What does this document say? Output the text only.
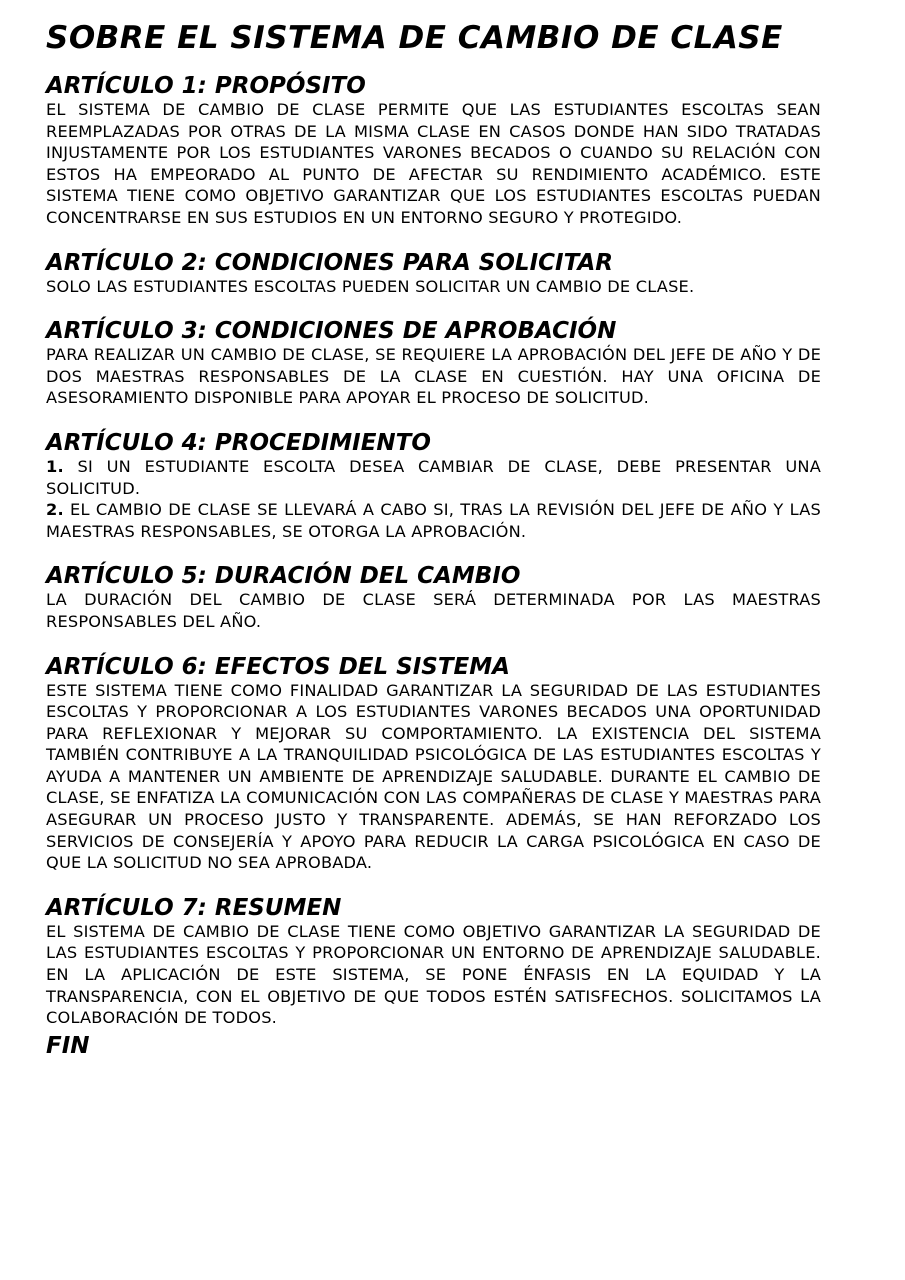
SOBRE EL SISTEMA DE CAMBIO DE CLASE
ARTÍCULO 1: PROPÓSITO
EL SISTEMA DE CAMBIO DE CLASE PERMITE QUE LAS ESTUDIANTES ESCOLTAS SEAN REEMPLAZADAS POR OTRAS DE LA MISMA CLASE EN CASOS DONDE HAN SIDO TRATADAS INJUSTAMENTE POR LOS ESTUDIANTES VARONES BECADOS O CUANDO SU RELACIÓN CON ESTOS HA EMPEORADO AL PUNTO DE AFECTAR SU RENDIMIENTO ACADÉMICO. ESTE SISTEMA TIENE COMO OBJETIVO GARANTIZAR QUE LOS ESTUDIANTES ESCOLTAS PUEDAN CONCENTRARSE EN SUS ESTUDIOS EN UN ENTORNO SEGURO Y PROTEGIDO.
ARTÍCULO 2: CONDICIONES PARA SOLICITAR
SOLO LAS ESTUDIANTES ESCOLTAS PUEDEN SOLICITAR UN CAMBIO DE CLASE.
ARTÍCULO 3: CONDICIONES DE APROBACIÓN
PARA REALIZAR UN CAMBIO DE CLASE, SE REQUIERE LA APROBACIÓN DEL JEFE DE AÑO Y DE DOS MAESTRAS RESPONSABLES DE LA CLASE EN CUESTIÓN. HAY UNA OFICINA DE ASESORAMIENTO DISPONIBLE PARA APOYAR EL PROCESO DE SOLICITUD.
ARTÍCULO 4: PROCEDIMIENTO

1. SI UN ESTUDIANTE ESCOLTA DESEA CAMBIAR DE CLASE, DEBE PRESENTAR UNA SOLICITUD.

2. EL CAMBIO DE CLASE SE LLEVARÁ A CABO SI, TRAS LA REVISIÓN DEL JEFE DE AÑO Y LAS MAESTRAS RESPONSABLES, SE OTORGA LA APROBACIÓN.

ARTÍCULO 5: DURACIÓN DEL CAMBIO
LA DURACIÓN DEL CAMBIO DE CLASE SERÁ DETERMINADA POR LAS MAESTRAS RESPONSABLES DEL AÑO.
ARTÍCULO 6: EFECTOS DEL SISTEMA
ESTE SISTEMA TIENE COMO FINALIDAD GARANTIZAR LA SEGURIDAD DE LAS ESTUDIANTES ESCOLTAS Y PROPORCIONAR A LOS ESTUDIANTES VARONES BECADOS UNA OPORTUNIDAD PARA REFLEXIONAR Y MEJORAR SU COMPORTAMIENTO. LA EXISTENCIA DEL SISTEMA TAMBIÉN CONTRIBUYE A LA TRANQUILIDAD PSICOLÓGICA DE LAS ESTUDIANTES ESCOLTAS Y AYUDA A MANTENER UN AMBIENTE DE APRENDIZAJE SALUDABLE. DURANTE EL CAMBIO DE CLASE, SE ENFATIZA LA COMUNICACIÓN CON LAS COMPAÑERAS DE CLASE Y MAESTRAS PARA ASEGURAR UN PROCESO JUSTO Y TRANSPARENTE. ADEMÁS, SE HAN REFORZADO LOS SERVICIOS DE CONSEJERÍA Y APOYO PARA REDUCIR LA CARGA PSICOLÓGICA EN CASO DE QUE LA SOLICITUD NO SEA APROBADA.
ARTÍCULO 7: RESUMEN
EL SISTEMA DE CAMBIO DE CLASE TIENE COMO OBJETIVO GARANTIZAR LA SEGURIDAD DE LAS ESTUDIANTES ESCOLTAS Y PROPORCIONAR UN ENTORNO DE APRENDIZAJE SALUDABLE. EN LA APLICACIÓN DE ESTE SISTEMA, SE PONE ÉNFASIS EN LA EQUIDAD Y LA TRANSPARENCIA, CON EL OBJETIVO DE QUE TODOS ESTÉN SATISFECHOS. SOLICITAMOS LA COLABORACIÓN DE TODOS.
FIN
